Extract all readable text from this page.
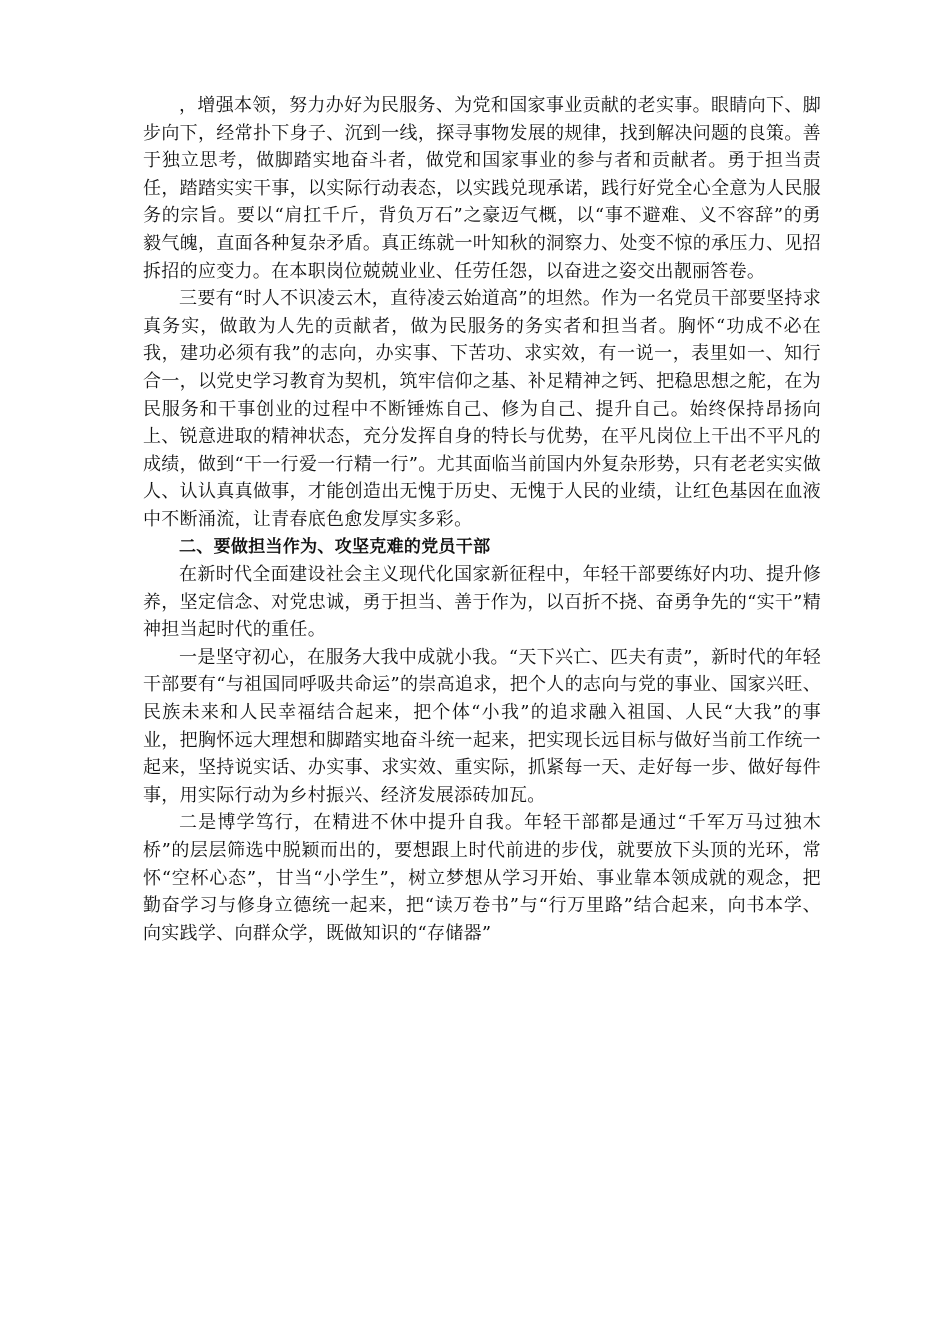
，增强本领，努力办好为民服务、为党和国家事业贡献的老实事。眼睛向下、脚步向下，经常扑下身子、沉到一线，探寻事物发展的规律，找到解决问题的良策。善于独立思考，做脚踏实地奋斗者，做党和国家事业的参与者和贡献者。勇于担当责任，踏踏实实干事，以实际行动表态，以实践兑现承诺，践行好党全心全意为人民服务的宗旨。要以“肩扛千斤，背负万石”之豪迈气概，以“事不避难、义不容辞”的勇毅气魄，直面各种复杂矛盾。真正练就一叶知秋的洞察力、处变不惊的承压力、见招拆招的应变力。在本职岗位兢兢业业、任劳任怨，以奋进之姿交出靓丽答卷。

三要有“时人不识凌云木，直待凌云始道高”的坦然。作为一名党员干部要坚持求真务实，做敢为人先的贡献者，做为民服务的务实者和担当者。胸怀“功成不必在我，建功必须有我”的志向，办实事、下苦功、求实效，有一说一，表里如一、知行合一，以党史学习教育为契机，筑牢信仰之基、补足精神之钙、把稳思想之舵，在为民服务和干事创业的过程中不断锤炼自己、修为自己、提升自己。始终保持昂扬向上、锐意进取的精神状态，充分发挥自身的特长与优势，在平凡岗位上干出不平凡的成绩，做到“干一行爱一行精一行”。尤其面临当前国内外复杂形势，只有老老实实做人、认认真真做事，才能创造出无愧于历史、无愧于人民的业绩，让红色基因在血液中不断涌流，让青春底色愈发厚实多彩。

二、要做担当作为、攻坚克难的党员干部

在新时代全面建设社会主义现代化国家新征程中，年轻干部要练好内功、提升修养，坚定信念、对党忠诚，勇于担当、善于作为，以百折不挠、奋勇争先的“实干”精神担当起时代的重任。

一是坚守初心，在服务大我中成就小我。“天下兴亡、匹夫有责”，新时代的年轻干部要有“与祖国同呼吸共命运”的崇高追求，把个人的志向与党的事业、国家兴旺、民族未来和人民幸福结合起来，把个体“小我”的追求融入祖国、人民“大我”的事业，把胸怀远大理想和脚踏实地奋斗统一起来，把实现长远目标与做好当前工作统一起来，坚持说实话、办实事、求实效、重实际，抓紧每一天、走好每一步、做好每件事，用实际行动为乡村振兴、经济发展添砖加瓦。

二是博学笃行，在精进不休中提升自我。年轻干部都是通过“千军万马过独木桥”的层层筛选中脱颖而出的，要想跟上时代前进的步伐，就要放下头顶的光环，常怀“空杯心态”，甘当“小学生”，树立梦想从学习开始、事业靠本领成就的观念，把勤奋学习与修身立德统一起来，把“读万卷书”与“行万里路”结合起来，向书本学、向实践学、向群众学，既做知识的“存储器”
